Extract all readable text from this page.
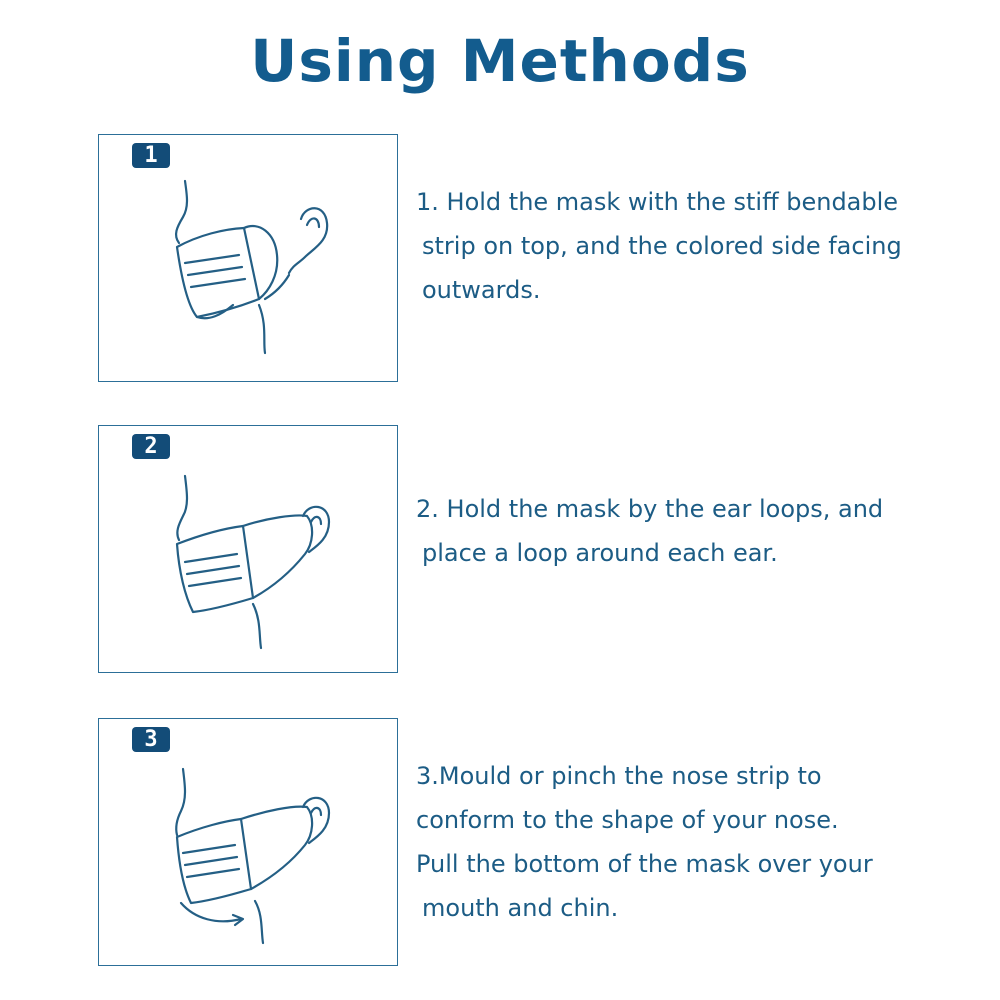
Using Methods
1
1. Hold the mask with the stiff bendable
strip on top, and the colored side facing
outwards.
2
2. Hold the mask by the ear loops, and
place a loop around each ear.
3
3.Mould or pinch the nose strip to
conform to the shape of your nose.
Pull the bottom of the mask over your
mouth and chin.
